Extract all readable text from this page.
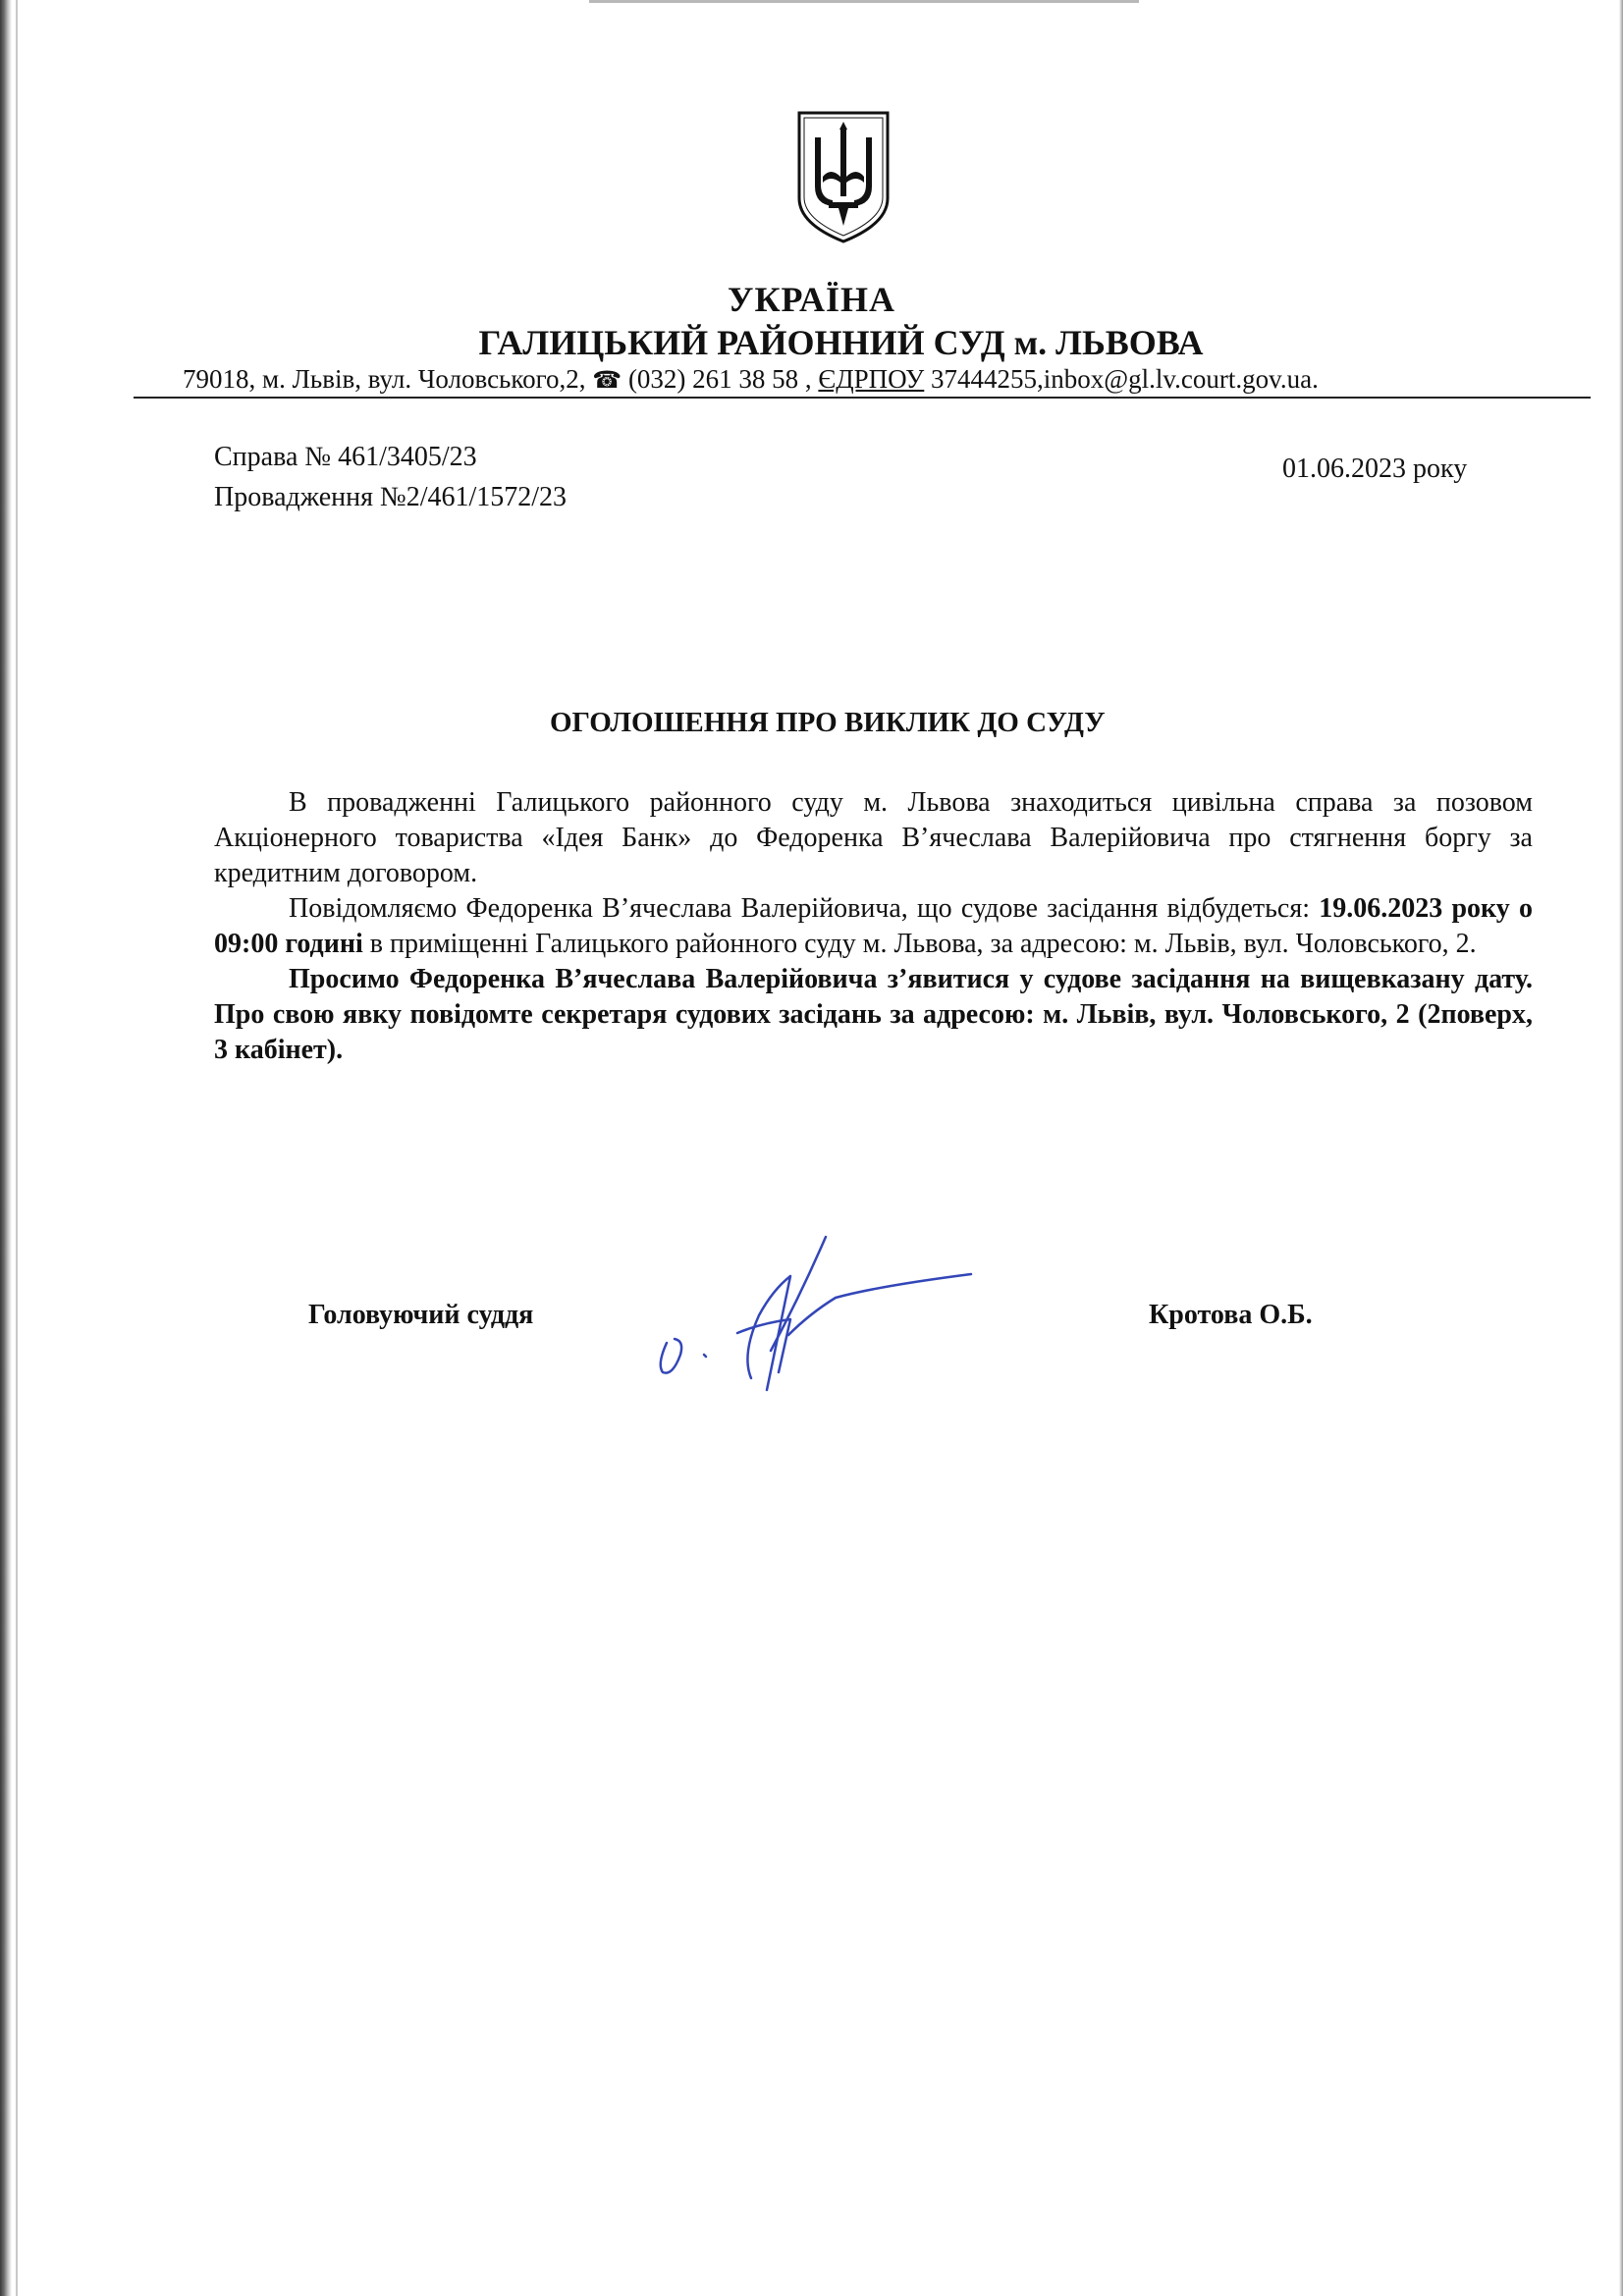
УКРАЇНА
ГАЛИЦЬКИЙ РАЙОННИЙ СУД м. ЛЬВОВА
79018, м. Львів, вул. Чоловського,2, ☎ (032) 261 38 58 , ЄДРПОУ 37444255,inbox@gl.lv.court.gov.ua.
Справа № 461/3405/23
Провадження №2/461/1572/23
01.06.2023 року
ОГОЛОШЕННЯ ПРО ВИКЛИК ДО СУДУ

В провадженні Галицького районного суду м. Львова знаходиться цивільна справа за позовом Акціонерного товариства «Ідея Банк» до Федоренка В’ячеслава Валерійовича про стягнення боргу за кредитним договором.

Повідомляємо Федоренка В’ячеслава Валерійовича, що судове засідання відбудеться: 19.06.2023 року о 09:00 годині в приміщенні Галицького районного суду м. Львова, за адресою: м. Львів, вул. Чоловського, 2.

Просимо Федоренка В’ячеслава Валерійовича з’явитися у судове засідання на вищевказану дату. Про свою явку повідомте секретаря судових засідань за адресою: м. Львів, вул. Чоловського, 2 (2поверх, 3 кабінет).

Головуючий суддя	Кротова О.Б.
